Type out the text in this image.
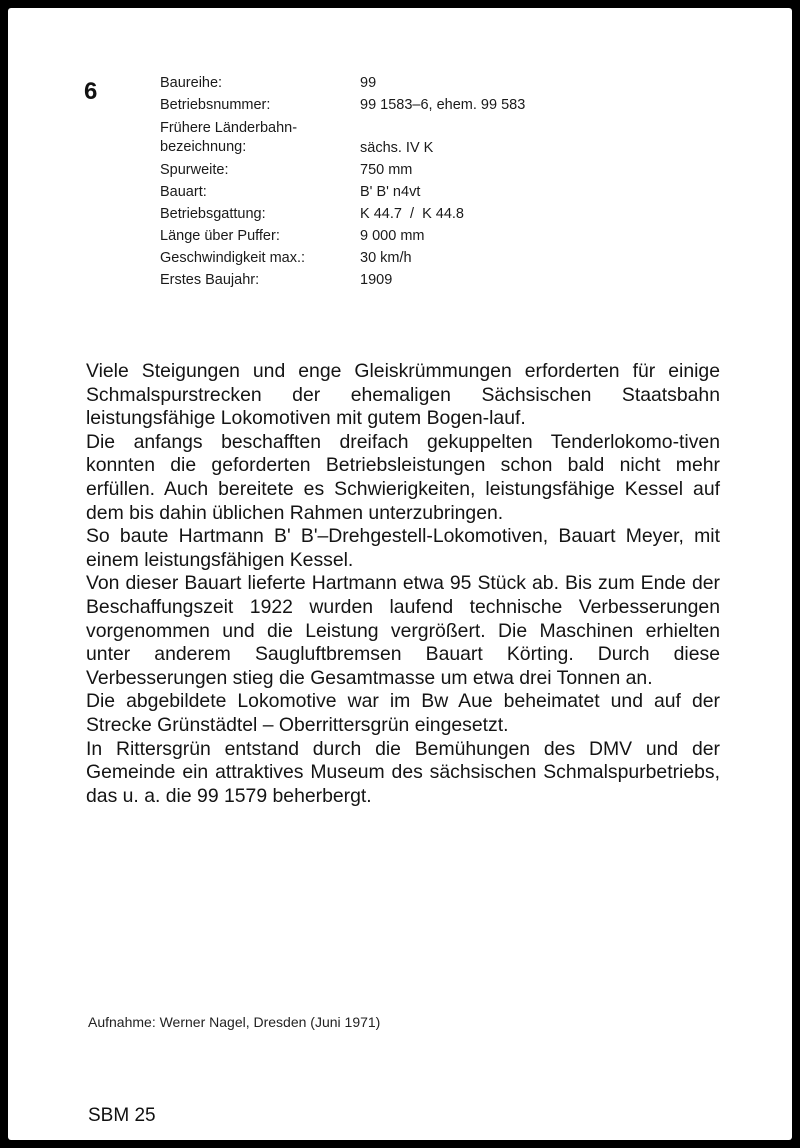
6	Baureihe:	99
Betriebsnummer:	99 1583–6, ehem. 99 583
Frühere Länderbahn-
bezeichnung:	sächs. IV K
Spurweite:	750 mm
Bauart:	B' B' n4vt
Betriebsgattung:	K 44.7  /  K 44.8
Länge über Puffer:	9 000 mm
Geschwindigkeit max.:	30 km/h
Erstes Baujahr:	1909

Viele Steigungen und enge Gleiskrümmungen erforderten für einige Schmalspurstrecken der ehemaligen Sächsischen Staatsbahn leistungsfähige Lokomotiven mit gutem Bogen-lauf.

Die anfangs beschafften dreifach gekuppelten Tenderlokomo-tiven konnten die geforderten Betriebsleistungen schon bald nicht mehr erfüllen. Auch bereitete es Schwierigkeiten, leistungsfähige Kessel auf dem bis dahin üblichen Rahmen unterzubringen.

So baute Hartmann B' B'–Drehgestell-Lokomotiven, Bauart Meyer, mit einem leistungsfähigen Kessel.

Von dieser Bauart lieferte Hartmann etwa 95 Stück ab. Bis zum Ende der Beschaffungszeit 1922 wurden laufend technische Verbesserungen vorgenommen und die Leistung vergrößert. Die Maschinen erhielten unter anderem Saugluftbremsen Bauart Körting. Durch diese Verbesserungen stieg die Gesamtmasse um etwa drei Tonnen an.

Die abgebildete Lokomotive war im Bw Aue beheimatet und auf der Strecke Grünstädtel – Oberrittersgrün eingesetzt.

In Rittersgrün entstand durch die Bemühungen des DMV und der Gemeinde ein attraktives Museum des sächsischen Schmalspurbetriebs, das u. a. die 99 1579 beherbergt.

Aufnahme: Werner Nagel, Dresden (Juni 1971)
SBM 25
